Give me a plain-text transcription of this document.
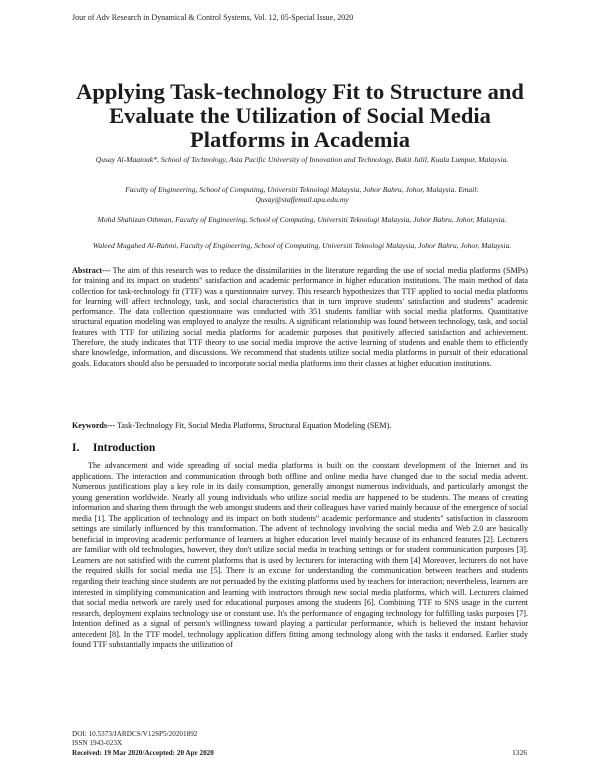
Jour of Adv Research in Dynamical & Control Systems, Vol. 12, 05-Special Issue, 2020
Applying Task-technology Fit to Structure and Evaluate the Utilization of Social Media Platforms in Academia
Qusay Al-Maatouk*, School of Technology, Asia Pacific University of Innovation and Technology, Bukit Jalil, Kuala Lumpur, Malaysia.
Faculty of Engineering, School of Computing, Universiti Teknologi Malaysia, Johor Bahru, Johor, Malaysia. Email: Qusay@staffemail.apu.edu.my
Mohd Shahizan Othman, Faculty of Engineering, School of Computing, Universiti Teknologi Malaysia, Johor Bahru, Johor, Malaysia.
Waleed Mugahed Al-Rahmi, Faculty of Engineering, School of Computing, Universiti Teknologi Malaysia, Johor Bahru, Johor, Malaysia.
Abstract--- The aim of this research was to reduce the dissimilarities in the literature regarding the use of social media platforms (SMPs) for training and its impact on students" satisfaction and academic performance in higher education institutions. The main method of data collection for task-technology fit (TTF) was a questionnaire survey. This research hypothesizes that TTF applied to social media platforms for learning will affect technology, task, and social characteristics that in turn improve students' satisfaction and students" academic performance. The data collection questionnaire was conducted with 351 students familiar with social media platforms. Quantitative structural equation modeling was employed to analyze the results. A significant relationship was found between technology, task, and social features with TTF for utilizing social media platforms for academic purposes that positively affected satisfaction and achievement. Therefore, the study indicates that TTF theory to use social media improve the active learning of students and enable them to efficiently share knowledge, information, and discussions. We recommend that students utilize social media platforms in pursuit of their educational goals. Educators should also be persuaded to incorporate social media platforms into their classes at higher education institutions.
Keywords--- Task-Technology Fit, Social Media Platforms, Structural Equation Modeling (SEM).
I. Introduction
The advancement and wide spreading of social media platforms is built on the constant development of the Internet and its applications. The interaction and communication through both offline and online media have changed due to the social media advent. Numerous justifications play a key role in its daily consumption, generally amongst numerous individuals, and particularly amongst the young generation worldwide. Nearly all young individuals who utilize social media are happened to be students. The means of creating information and sharing them through the web amongst students and their colleagues have varied mainly because of the emergence of social media [1]. The application of technology and its impact on both students" academic performance and students" satisfaction in classroom settings are similarly influenced by this transformation. The advent of technology involving the social media and Web 2.0 are basically beneficial in improving academic performance of learners at higher education level mainly because of its enhanced features [2]. Lecturers are familiar with old technologies, however, they don't utilize social media in teaching settings or for student communication purposes [3]. Learners are not satisfied with the current platforms that is used by lecturers for interacting with them [4] Moreover, lecturers do not have the required skills for social media use [5]. There is an excuse for understanding the communication between teachers and students regarding their teaching since students are not persuaded by the existing platforms used by teachers for interaction; nevertheless, learners are interested in simplifying communication and learning with instructors through new social media platforms, which will. Lecturers claimed that social media network are rarely used for educational purposes among the students [6]. Combining TTF to SNS usage in the current research, deployment explains technology use or constant use. It's the performance of engaging technology for fulfilling tasks purposes [7]. Intention defined as a signal of person's willingness toward playing a particular performance, which is believed the instant behavior antecedent [8]. In the TTF model, technology application differs fitting among technology along with the tasks it endorsed. Earlier study found TTF substantially impacts the utilization of
DOI: 10.5373/JARDCS/V12SP5/20201892
ISSN 1943-023X
Received: 19 Mar 2020/Accepted: 20 Apr 2020	1326
